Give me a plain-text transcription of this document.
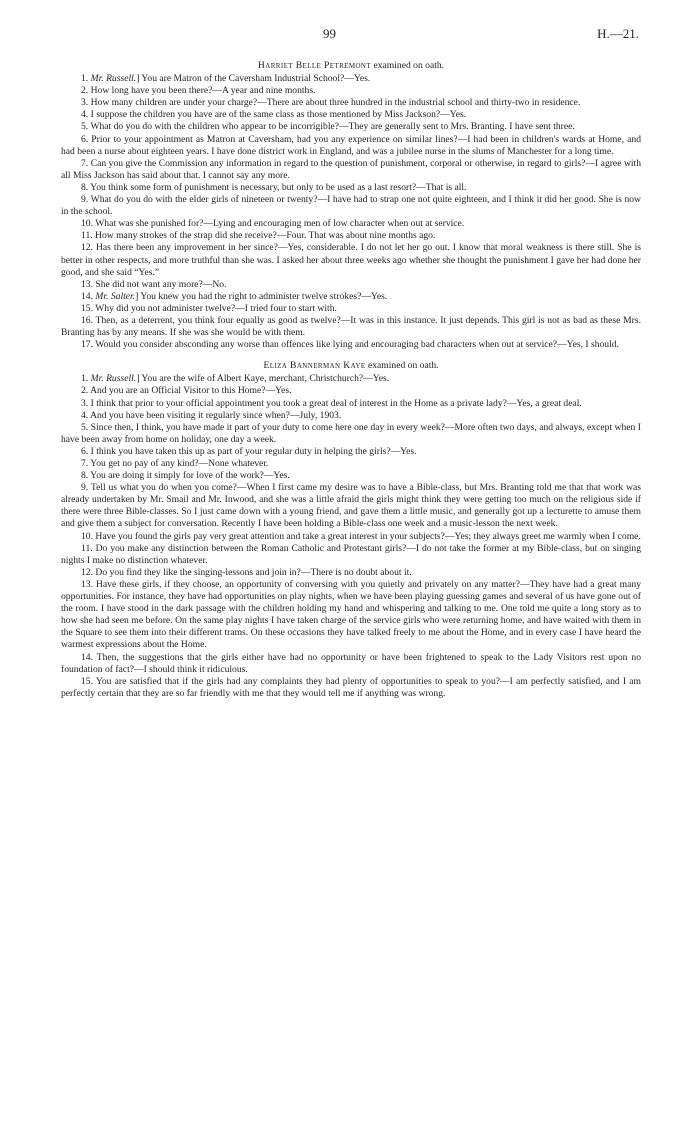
99	H.—21.

Harriet Belle Petremont examined on oath.

1. Mr. Russell.] You are Matron of the Caversham Industrial School?—Yes.

2. How long have you been there?—A year and nine months.

3. How many children are under your charge?—There are about three hundred in the industrial school and thirty-two in residence.

4. I suppose the children you have are of the same class as those mentioned by Miss Jackson?—Yes.

5. What do you do with the children who appear to be incorrigible?—They are generally sent to Mrs. Branting. I have sent three.

6. Prior to your appointment as Matron at Caversham, had you any experience on similar lines?—I had been in children's wards at Home, and had been a nurse about eighteen years. I have done district work in England, and was a jubilee nurse in the slums of Manchester for a long time.

7. Can you give the Commission any information in regard to the question of punishment, corporal or otherwise, in regard to girls?—I agree with all Miss Jackson has said about that. I cannot say any more.

8. You think some form of punishment is necessary, but only to be used as a last resort?—That is all.

9. What do you do with the elder girls of nineteen or twenty?—I have had to strap one not quite eighteen, and I think it did her good. She is now in the school.

10. What was she punished for?—Lying and encouraging men of low character when out at service.

11. How many strokes of the strap did she receive?—Four. That was about nine months ago.

12. Has there been any improvement in her since?—Yes, considerable. I do not let her go out. I know that moral weakness is there still. She is better in other respects, and more truthful than she was. I asked her about three weeks ago whether she thought the punishment I gave her had done her good, and she said “Yes.”

13. She did not want any more?—No.

14. Mr. Salter.] You knew you had the right to administer twelve strokes?—Yes.

15. Why did you not administer twelve?—I tried four to start with.

16. Then, as a deterrent, you think four equally as good as twelve?—It was in this instance. It just depends. This girl is not as bad as these Mrs. Branting has by any means. If she was she would be with them.

17. Would you consider absconding any worse than offences like lying and encouraging bad characters when out at service?—Yes, I should.

Eliza Bannerman Kaye examined on oath.

1. Mr. Russell.] You are the wife of Albert Kaye, merchant, Christchurch?—Yes.

2. And you are an Official Visitor to this Home?—Yes.

3. I think that prior to your official appointment you took a great deal of interest in the Home as a private lady?—Yes, a great deal.

4. And you have been visiting it regularly since when?—July, 1903.

5. Since then, I think, you have made it part of your duty to come here one day in every week?—More often two days, and always, except when I have been away from home on holiday, one day a week.

6. I think you have taken this up as part of your regular duty in helping the girls?—Yes.

7. You get no pay of any kind?—None whatever.

8. You are doing it simply for love of the work?—Yes.

9. Tell us what you do when you come?—When I first came my desire was to have a Bible-class, but Mrs. Branting told me that that work was already undertaken by Mr. Smail and Mr. Inwood, and she was a little afraid the girls might think they were getting too much on the religious side if there were three Bible-classes. So I just came down with a young friend, and gave them a little music, and generally got up a lecturette to amuse them and give them a subject for conversation. Recently I have been holding a Bible-class one week and a music-lesson the next week.

10. Have you found the girls pay very great attention and take a great interest in your subjects?—Yes; they always greet me warmly when I come.

11. Do you make any distinction between the Roman Catholic and Protestant girls?—I do not take the former at my Bible-class, but on singing nights I make no distinction whatever.

12. Do you find they like the singing-lessons and join in?—There is no doubt about it.

13. Have these girls, if they choose, an opportunity of conversing with you quietly and privately on any matter?—They have had a great many opportunities. For instance, they have had opportunities on play nights, when we have been playing guessing games and several of us have gone out of the room. I have stood in the dark passage with the children holding my hand and whispering and talking to me. One told me quite a long story as to how she had seen me before. On the same play nights I have taken charge of the service girls who were returning home, and have waited with them in the Square to see them into their different trams. On these occasions they have talked freely to me about the Home, and in every case I have heard the warmest expressions about the Home.

14. Then, the suggestions that the girls either have had no opportunity or have been frightened to speak to the Lady Visitors rest upon no foundation of fact?—I should think it ridiculous.

15. You are satisfied that if the girls had any complaints they had plenty of opportunities to speak to you?—I am perfectly satisfied, and I am perfectly certain that they are so far friendly with me that they would tell me if anything was wrong.
